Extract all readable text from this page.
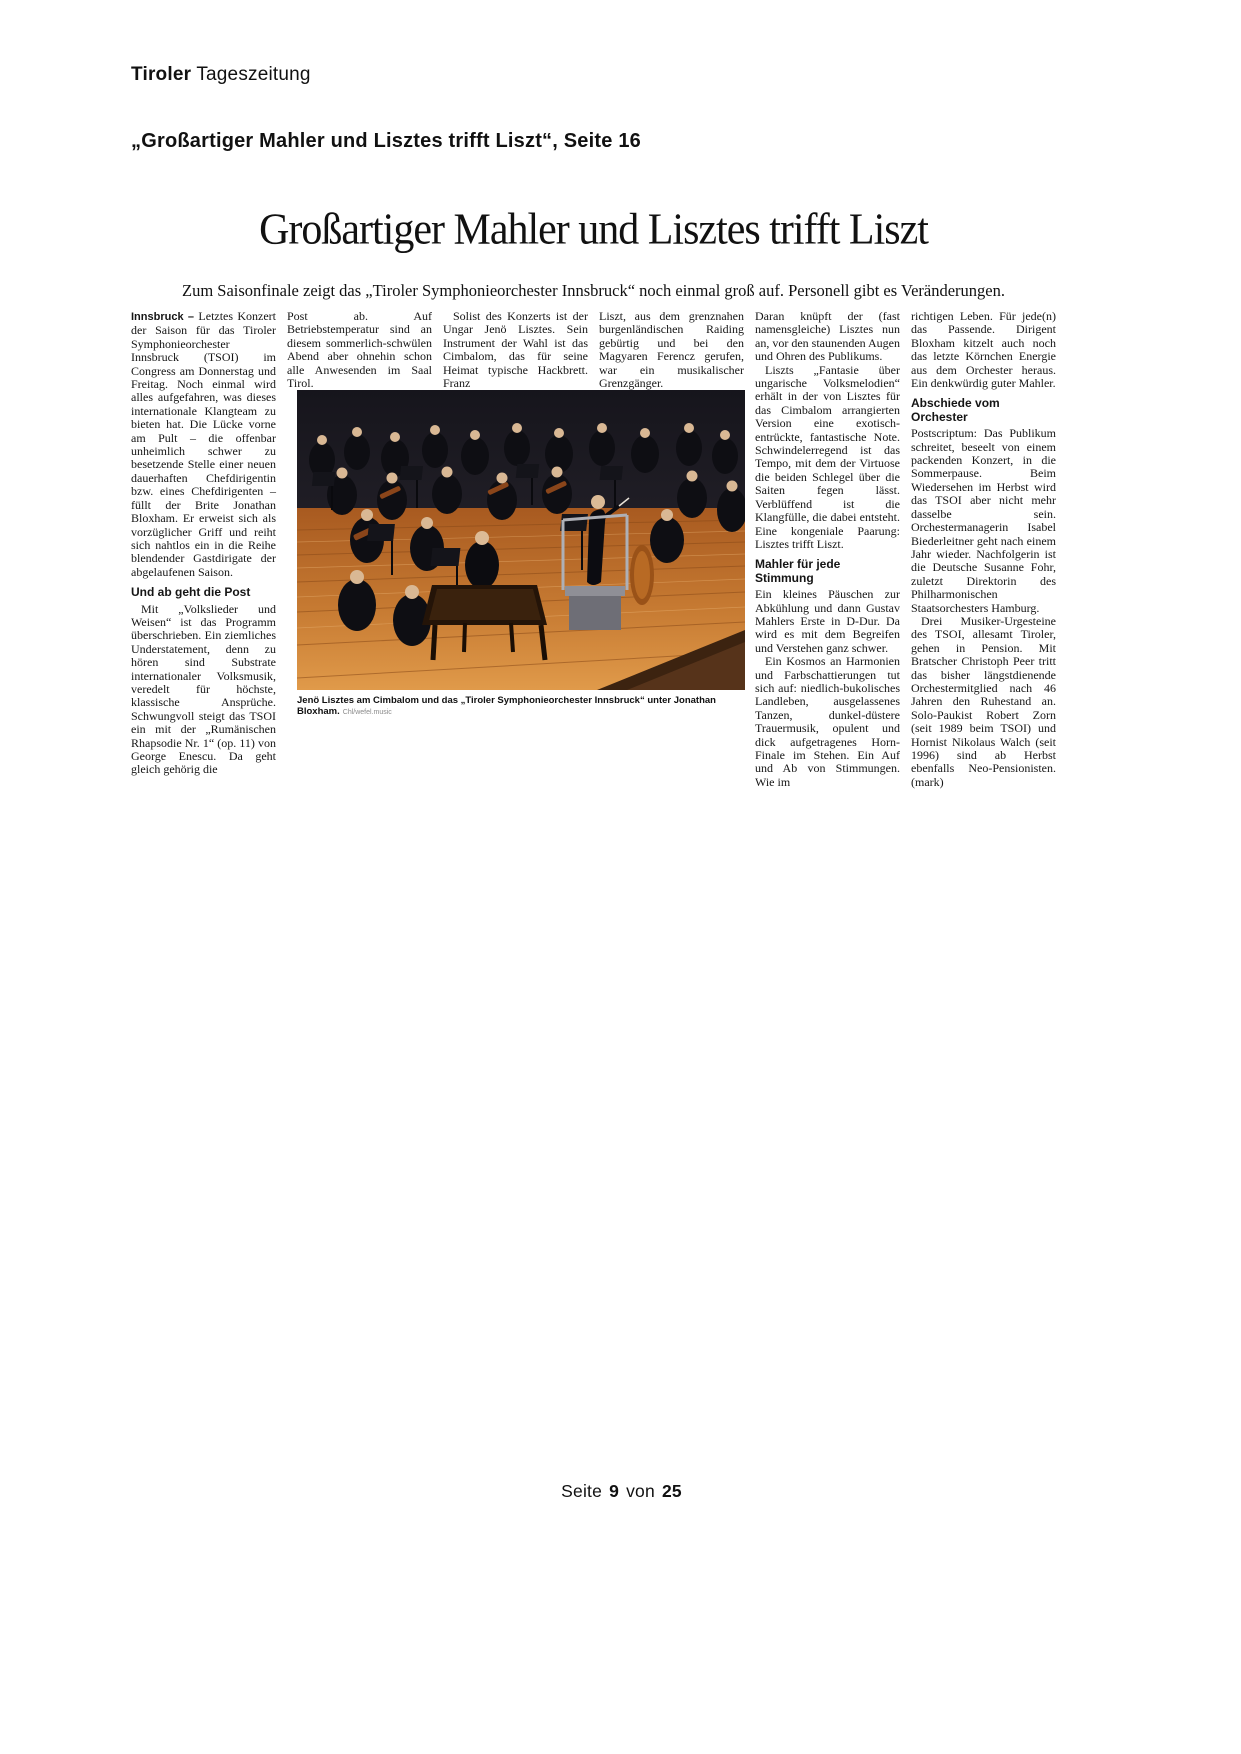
Tiroler Tageszeitung
„Großartiger Mahler und Lisztes trifft Liszt“, Seite 16
Großartiger Mahler und Lisztes trifft Liszt

Zum Saisonfinale zeigt das „Tiroler Symphonieorchester Innsbruck“ noch einmal groß auf. Personell gibt es Veränderungen.

Innsbruck – Letztes Konzert der Saison für das Tiroler Symphonieorchester Innsbruck (TSOI) im Congress am Donnerstag und Freitag. Noch einmal wird alles aufgefahren, was dieses internationale Klangteam zu bieten hat. Die Lücke vorne am Pult – die offenbar unheimlich schwer zu besetzende Stelle einer neuen dauerhaften Chefdirigentin bzw. eines Chefdirigenten – füllt der Brite Jonathan Bloxham. Er erweist sich als vorzüglicher Griff und reiht sich nahtlos ein in die Reihe blendender Gastdirigate der abgelaufenen Saison.

Und ab geht die Post

Mit „Volkslieder und Weisen“ ist das Programm überschrieben. Ein ziemliches Understatement, denn zu hören sind Substrate internationaler Volksmusik, veredelt für höchste, klassische Ansprüche. Schwungvoll steigt das TSOI ein mit der „Rumänischen Rhapsodie Nr. 1“ (op. 11) von George Enescu. Da geht gleich gehörig die

Post ab. Auf Betriebstemperatur sind an diesem sommerlich-schwülen Abend aber ohnehin schon alle Anwesenden im Saal Tirol.

Solist des Konzerts ist der Ungar Jenö Lisztes. Sein Instrument der Wahl ist das Cimbalom, das für seine Heimat typische Hackbrett. Franz

Liszt, aus dem grenznahen burgenländischen Raiding gebürtig und bei den Magyaren Ferencz gerufen, war ein musikalischer Grenzgänger.

Daran knüpft der (fast namensgleiche) Lisztes nun an, vor den staunenden Augen und Ohren des Publikums.

Liszts „Fantasie über ungarische Volksmelodien“ erhält in der von Lisztes für das Cimbalom arrangierten Version eine exotisch-entrückte, fantastische Note. Schwindelerregend ist das Tempo, mit dem der Virtuose die beiden Schlegel über die Saiten fegen lässt. Verblüffend ist die Klangfülle, die dabei entsteht. Eine kongeniale Paarung: Lisztes trifft Liszt.

Mahler für jede Stimmung

Ein kleines Päuschen zur Abkühlung und dann Gustav Mahlers Erste in D-Dur. Da wird es mit dem Begreifen und Verstehen ganz schwer.

Ein Kosmos an Harmonien und Farbschattierungen tut sich auf: niedlich-bukolisches Landleben, ausgelassenes Tanzen, dunkel-düstere Trauermusik, opulent und dick aufgetragenes Horn-Finale im Stehen. Ein Auf und Ab von Stimmungen. Wie im

richtigen Leben. Für jede(n) das Passende. Dirigent Bloxham kitzelt auch noch das letzte Körnchen Energie aus dem Orchester heraus. Ein denkwürdig guter Mahler.

Abschiede vom Orchester

Postscriptum: Das Publikum schreitet, beseelt von einem packenden Konzert, in die Sommerpause. Beim Wiedersehen im Herbst wird das TSOI aber nicht mehr dasselbe sein. Orchestermanagerin Isabel Biederleitner geht nach einem Jahr wieder. Nachfolgerin ist die Deutsche Susanne Fohr, zuletzt Direktorin des Philharmonischen Staatsorchesters Hamburg.

Drei Musiker-Urgesteine des TSOI, allesamt Tiroler, gehen in Pension. Mit Bratscher Christoph Peer tritt das bisher längstdienende Orchestermitglied nach 46 Jahren den Ruhestand an. Solo-Paukist Robert Zorn (seit 1989 beim TSOI) und Hornist Nikolaus Walch (seit 1996) sind ab Herbst ebenfalls Neo-Pensionisten. (mark)

Jenö Lisztes am Cimbalom und das „Tiroler Symphonieorchester Innsbruck“ unter Jonathan Bloxham. Chl/wefel.music
Seite 9 von 25
